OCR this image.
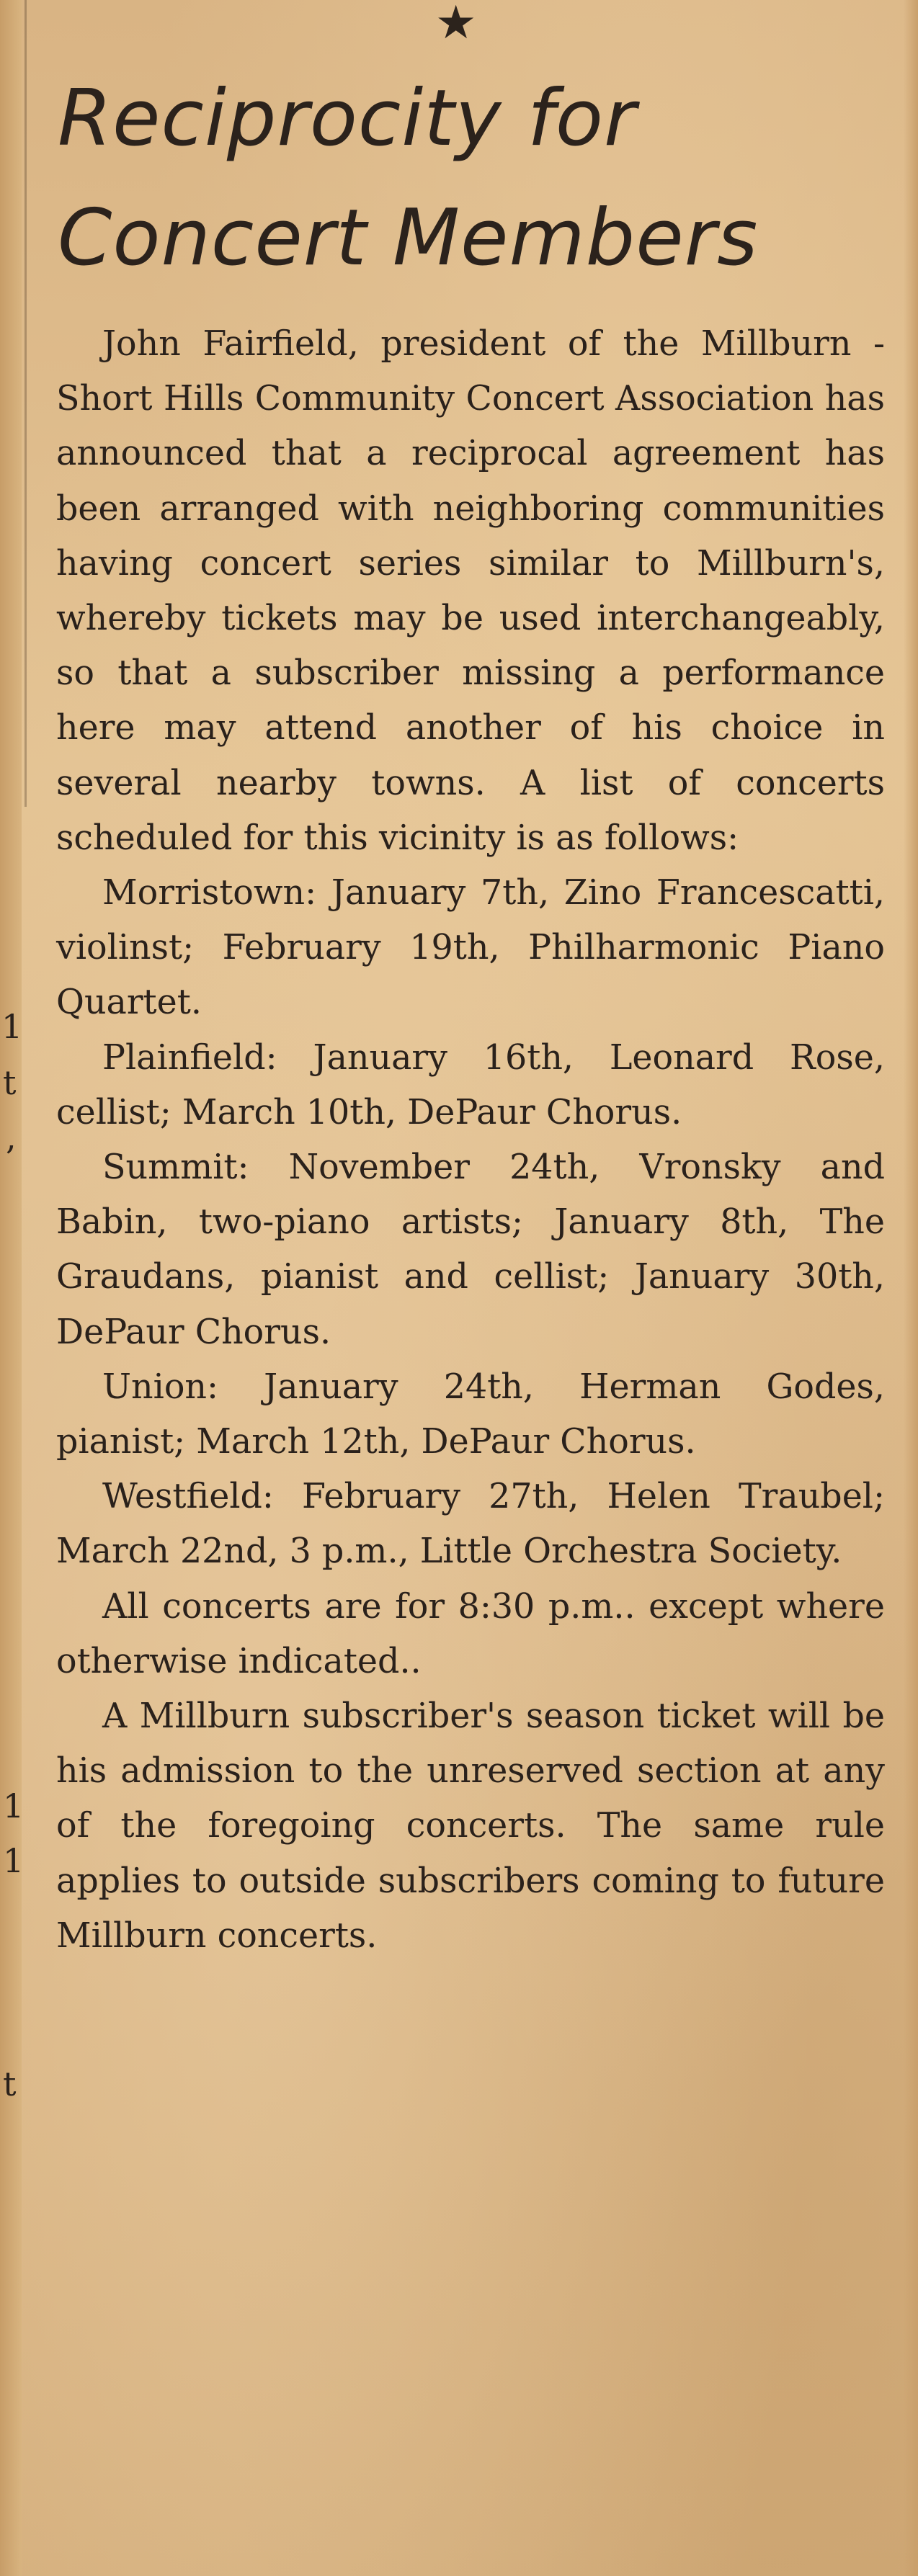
1
t
,
1
1
t
★
Reciprocity for
Concert Members

John Fairfield, president of the Millburn - Short Hills Community Concert Association has announced that a reciprocal agreement has been arranged with neighboring communities having concert series similar to Millburn's, whereby tickets may be used interchangeably, so that a subscriber missing a performance here may attend another of his choice in several nearby towns. A list of concerts scheduled for this vicinity is as follows:

Morristown: January 7th, Zino Francescatti, violinst; February 19th, Philharmonic Piano Quartet.

Plainfield: January 16th, Leonard Rose, cellist; March 10th, DePaur Chorus.

Summit: November 24th, Vronsky and Babin, two-piano artists; January 8th, The Graudans, pianist and cellist; January 30th, DePaur Chorus.

Union: January 24th, Herman Godes, pianist; March 12th, DePaur Chorus.

Westfield: February 27th, Helen Traubel; March 22nd, 3 p.m., Little Orchestra Society.

All concerts are for 8:30 p.m.. except where otherwise indicated..

A Millburn subscriber's season ticket will be his admission to the unreserved section at any of the foregoing concerts. The same rule applies to outside subscribers coming to future Millburn concerts.
